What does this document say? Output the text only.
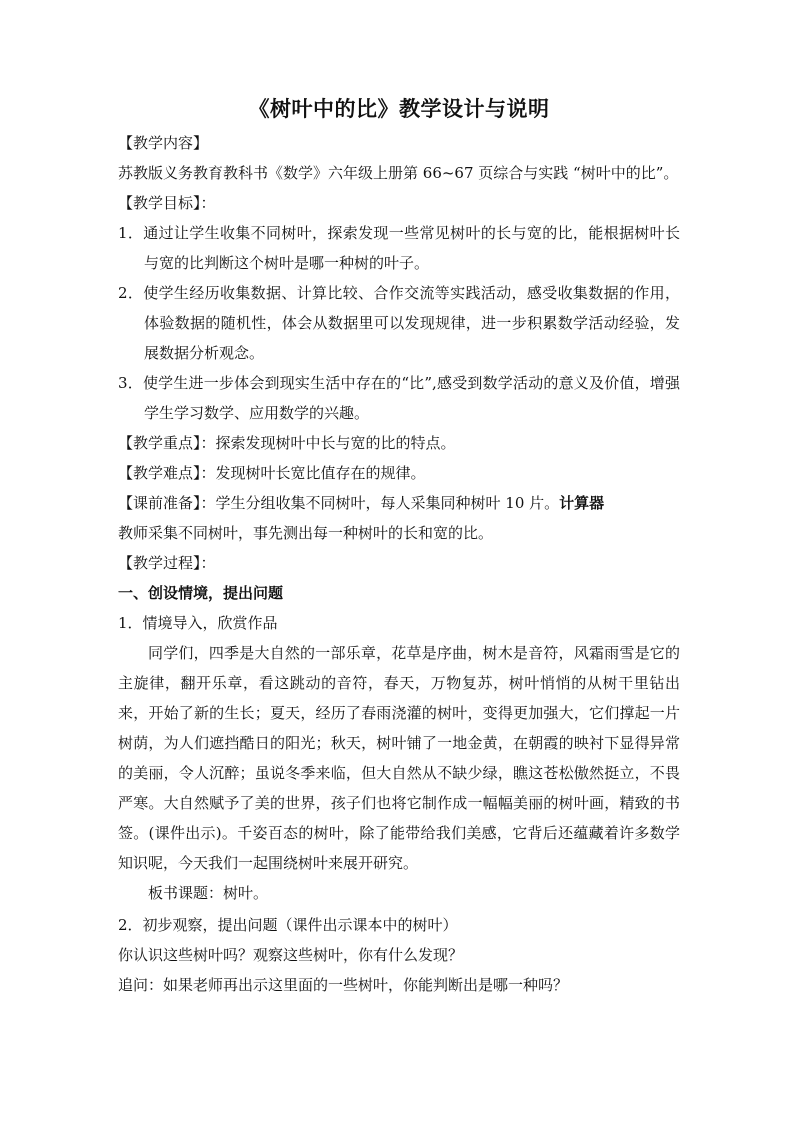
《树叶中的比》教学设计与说明

【教学内容】

苏教版义务教育教科书《数学》六年级上册第 66~67 页综合与实践 “树叶中的比”。

【教学目标】：

1．通过让学生收集不同树叶，探索发现一些常见树叶的长与宽的比，能根据树叶长与宽的比判断这个树叶是哪一种树的叶子。

2．使学生经历收集数据、计算比较、合作交流等实践活动，感受收集数据的作用，体验数据的随机性，体会从数据里可以发现规律，进一步积累数学活动经验，发展数据分析观念。

3．使学生进一步体会到现实生活中存在的“比”,感受到数学活动的意义及价值，增强学生学习数学、应用数学的兴趣。

【教学重点】：探索发现树叶中长与宽的比的特点。

【教学难点】：发现树叶长宽比值存在的规律。

【课前准备】：学生分组收集不同树叶，每人采集同种树叶 10 片。计算器

教师采集不同树叶，事先测出每一种树叶的长和宽的比。

【教学过程】：

一、创设情境，提出问题

1．情境导入，欣赏作品

同学们，四季是大自然的一部乐章，花草是序曲，树木是音符，风霜雨雪是它的主旋律，翻开乐章，看这跳动的音符，春天，万物复苏，树叶悄悄的从树干里钻出来，开始了新的生长；夏天，经历了春雨浇灌的树叶，变得更加强大，它们撑起一片树荫，为人们遮挡酷日的阳光；秋天，树叶铺了一地金黄，在朝霞的映衬下显得异常的美丽，令人沉醉；虽说冬季来临，但大自然从不缺少绿，瞧这苍松傲然挺立，不畏严寒。大自然赋予了美的世界，孩子们也将它制作成一幅幅美丽的树叶画，精致的书签。(课件出示)。千姿百态的树叶，除了能带给我们美感，它背后还蕴藏着许多数学知识呢，今天我们一起围绕树叶来展开研究。

板书课题：树叶。

2．初步观察，提出问题（课件出示课本中的树叶）

你认识这些树叶吗？观察这些树叶，你有什么发现？

追问：如果老师再出示这里面的一些树叶，你能判断出是哪一种吗？
